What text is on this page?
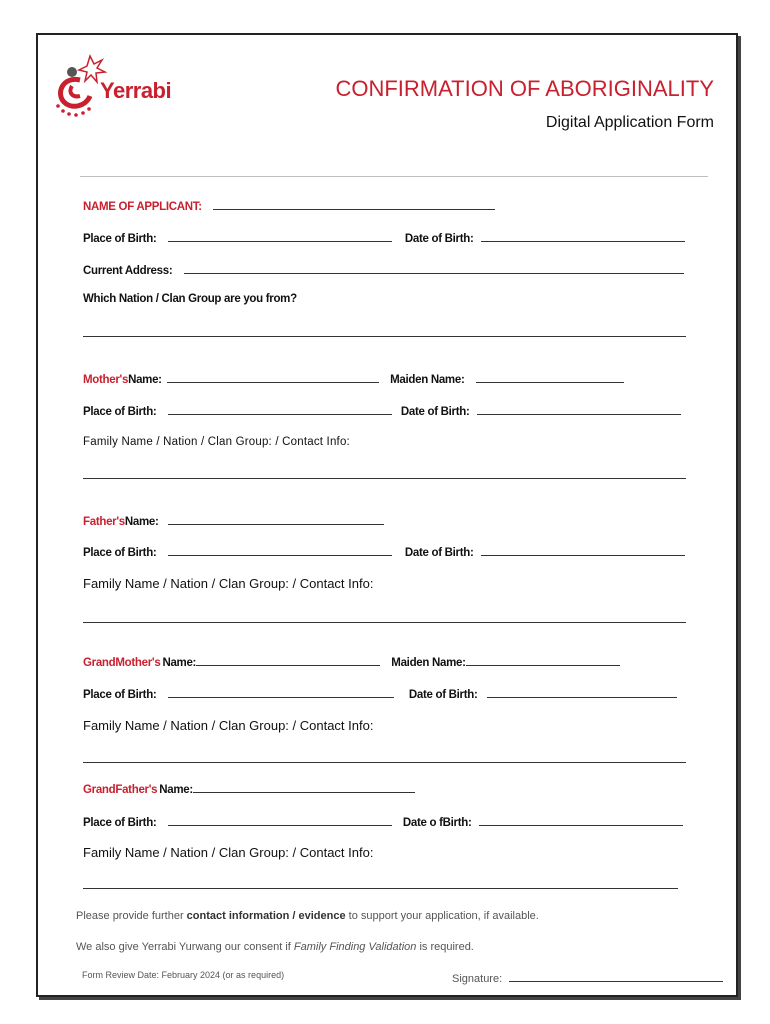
Yerrabi	CONFIRMATION OF ABORIGINALITY
Digital Application Form
NAME OF APPLICANT:
Place of Birth:	Date of Birth:
Current Address:
Which Nation / Clan Group are you from?
Mother'sName:	Maiden Name:
Place of Birth:	Date of Birth:
Family Name / Nation / Clan Group: / Contact Info:
Father'sName:
Place of Birth:	Date of Birth:
Family Name / Nation / Clan Group: / Contact Info:
GrandMother's Name:	Maiden Name:
Place of Birth:	Date of Birth:
Family Name / Nation / Clan Group: / Contact Info:
GrandFather's Name:
Place of Birth:	Date o fBirth:
Family Name / Nation / Clan Group: / Contact Info:
Please provide further contact information / evidence to support your application, if available.
We also give Yerrabi Yurwang our consent if Family Finding Validation is required.
Form Review Date: February 2024 (or as required)	Signature:
